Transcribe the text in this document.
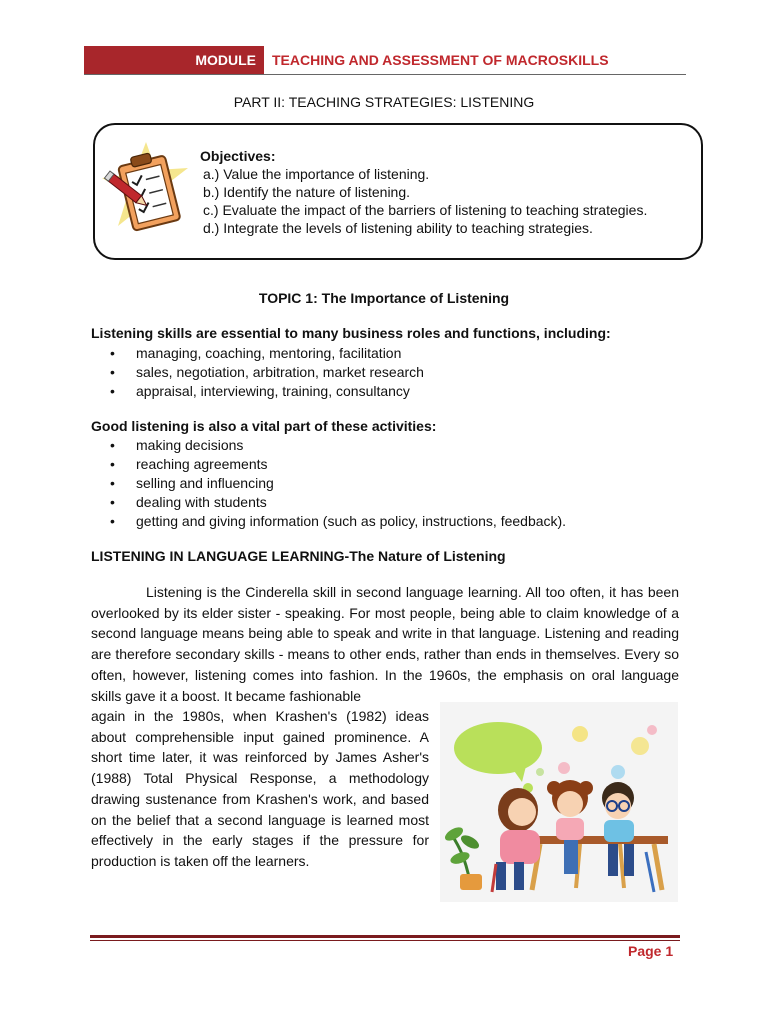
MODULE	TEACHING AND ASSESSMENT OF MACROSKILLS
PART II: TEACHING STRATEGIES: LISTENING
Objectives:
a.) Value the importance of listening.
b.) Identify the nature of listening.
c.) Evaluate the impact of the barriers of listening to teaching strategies.
d.) Integrate the levels of listening ability to teaching strategies.
TOPIC 1: The Importance of Listening
Listening skills are essential to many business roles and functions, including:
• managing, coaching, mentoring, facilitation
• sales, negotiation, arbitration, market research
• appraisal, interviewing, training, consultancy
Good listening is also a vital part of these activities:
• making decisions
• reaching agreements
• selling and influencing
• dealing with students
• getting and giving information (such as policy, instructions, feedback).
LISTENING IN LANGUAGE LEARNING-The Nature of Listening
Listening is the Cinderella skill in second language learning. All too often, it has been overlooked by its elder sister - speaking. For most people, being able to claim knowledge of a second language means being able to speak and write in that language. Listening and reading are therefore secondary skills - means to other ends, rather than ends in themselves. Every so often, however, listening comes into fashion. In the 1960s, the emphasis on oral language skills gave it a boost. It became fashionable
again in the 1980s, when Krashen's (1982) ideas about comprehensible input gained prominence. A short time later, it was reinforced by James Asher's (1988) Total Physical Response, a methodology drawing sustenance from Krashen's work, and based on the belief that a second language is learned most effectively in the early stages if the pressure for production is taken off the learners.
Page 1
